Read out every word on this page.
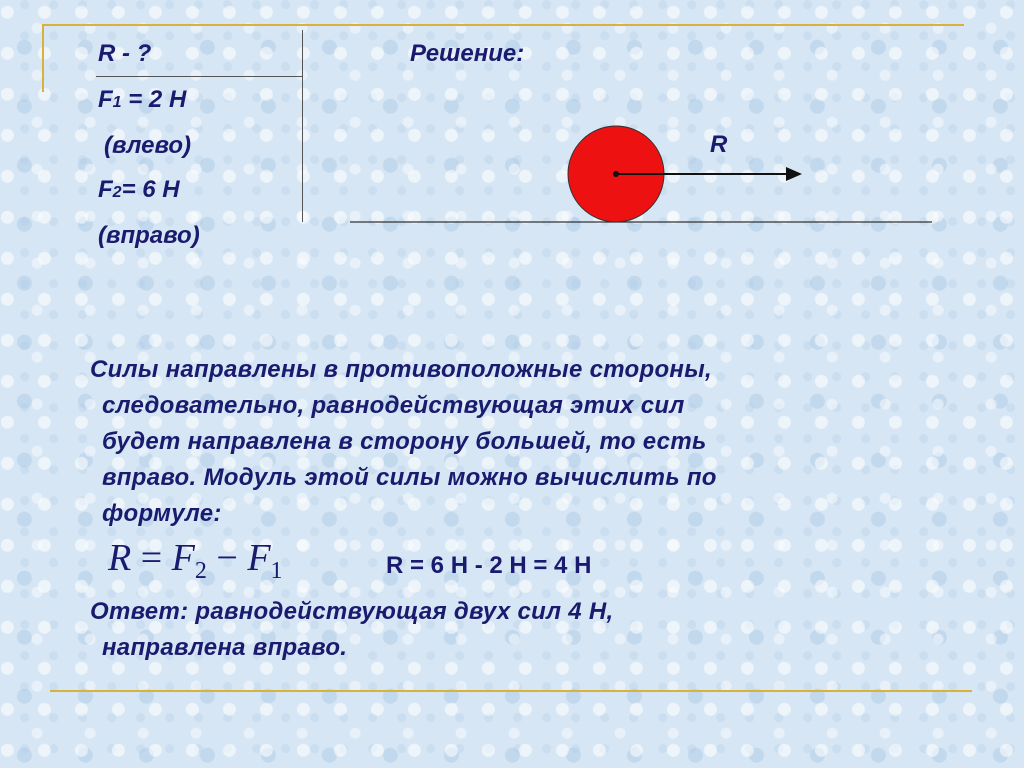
R - ?
F1 = 2 Н
(влево)
F2= 6 Н
(вправо)
Решение:
R
Силы направлены в противоположные стороны,
следовательно, равнодействующая этих сил
будет направлена в сторону большей, то есть
вправо. Модуль этой силы можно вычислить по
формуле:
$R = F_2 - F_1$	R = 6 Н - 2 Н = 4 Н
Ответ: равнодействующая двух сил 4 Н,
направлена вправо.
